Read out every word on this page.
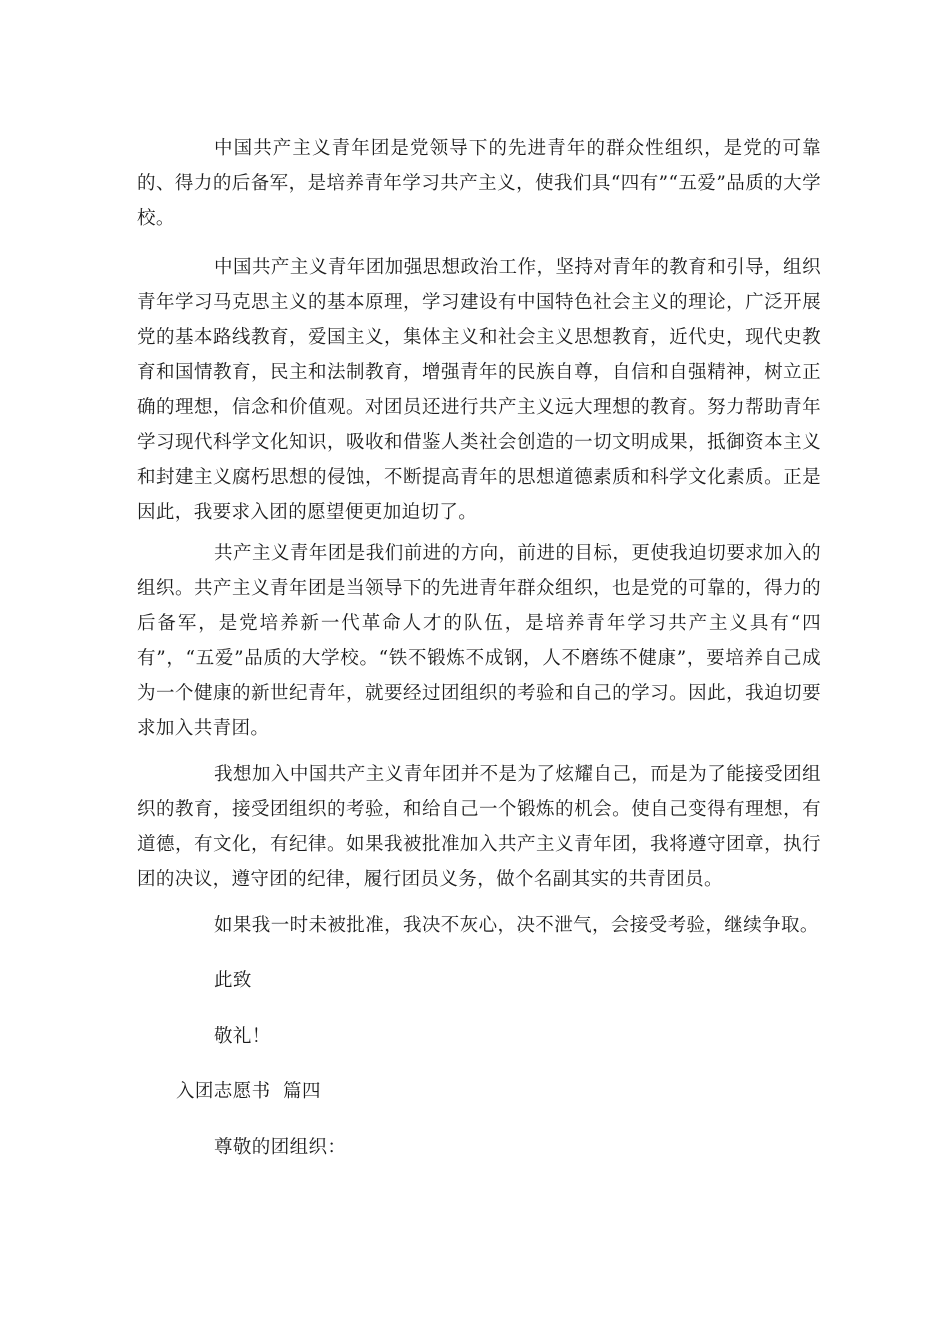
中国共产主义青年团是党领导下的先进青年的群众性组织，是党的可靠的、得力的后备军，是培养青年学习共产主义，使我们具“四有”“五爱”品质的大学校。

中国共产主义青年团加强思想政治工作，坚持对青年的教育和引导，组织青年学习马克思主义的基本原理，学习建设有中国特色社会主义的理论，广泛开展党的基本路线教育，爱国主义，集体主义和社会主义思想教育，近代史，现代史教育和国情教育，民主和法制教育，增强青年的民族自尊，自信和自强精神，树立正确的理想，信念和价值观。对团员还进行共产主义远大理想的教育。努力帮助青年学习现代科学文化知识，吸收和借鉴人类社会创造的一切文明成果，抵御资本主义和封建主义腐朽思想的侵蚀，不断提高青年的思想道德素质和科学文化素质。正是因此，我要求入团的愿望便更加迫切了。

共产主义青年团是我们前进的方向，前进的目标，更使我迫切要求加入的组织。共产主义青年团是当领导下的先进青年群众组织，也是党的可靠的，得力的后备军，是党培养新一代革命人才的队伍，是培养青年学习共产主义具有“四有”，“五爱”品质的大学校。“铁不锻炼不成钢，人不磨练不健康”，要培养自己成为一个健康的新世纪青年，就要经过团组织的考验和自己的学习。因此，我迫切要求加入共青团。

我想加入中国共产主义青年团并不是为了炫耀自己，而是为了能接受团组织的教育，接受团组织的考验，和给自己一个锻炼的机会。使自己变得有理想，有道德，有文化，有纪律。如果我被批准加入共产主义青年团，我将遵守团章，执行团的决议，遵守团的纪律，履行团员义务，做个名副其实的共青团员。

如果我一时未被批准，我决不灰心，决不泄气，会接受考验，继续争取。

此致

敬礼！

入团志愿书  篇四

尊敬的团组织：
